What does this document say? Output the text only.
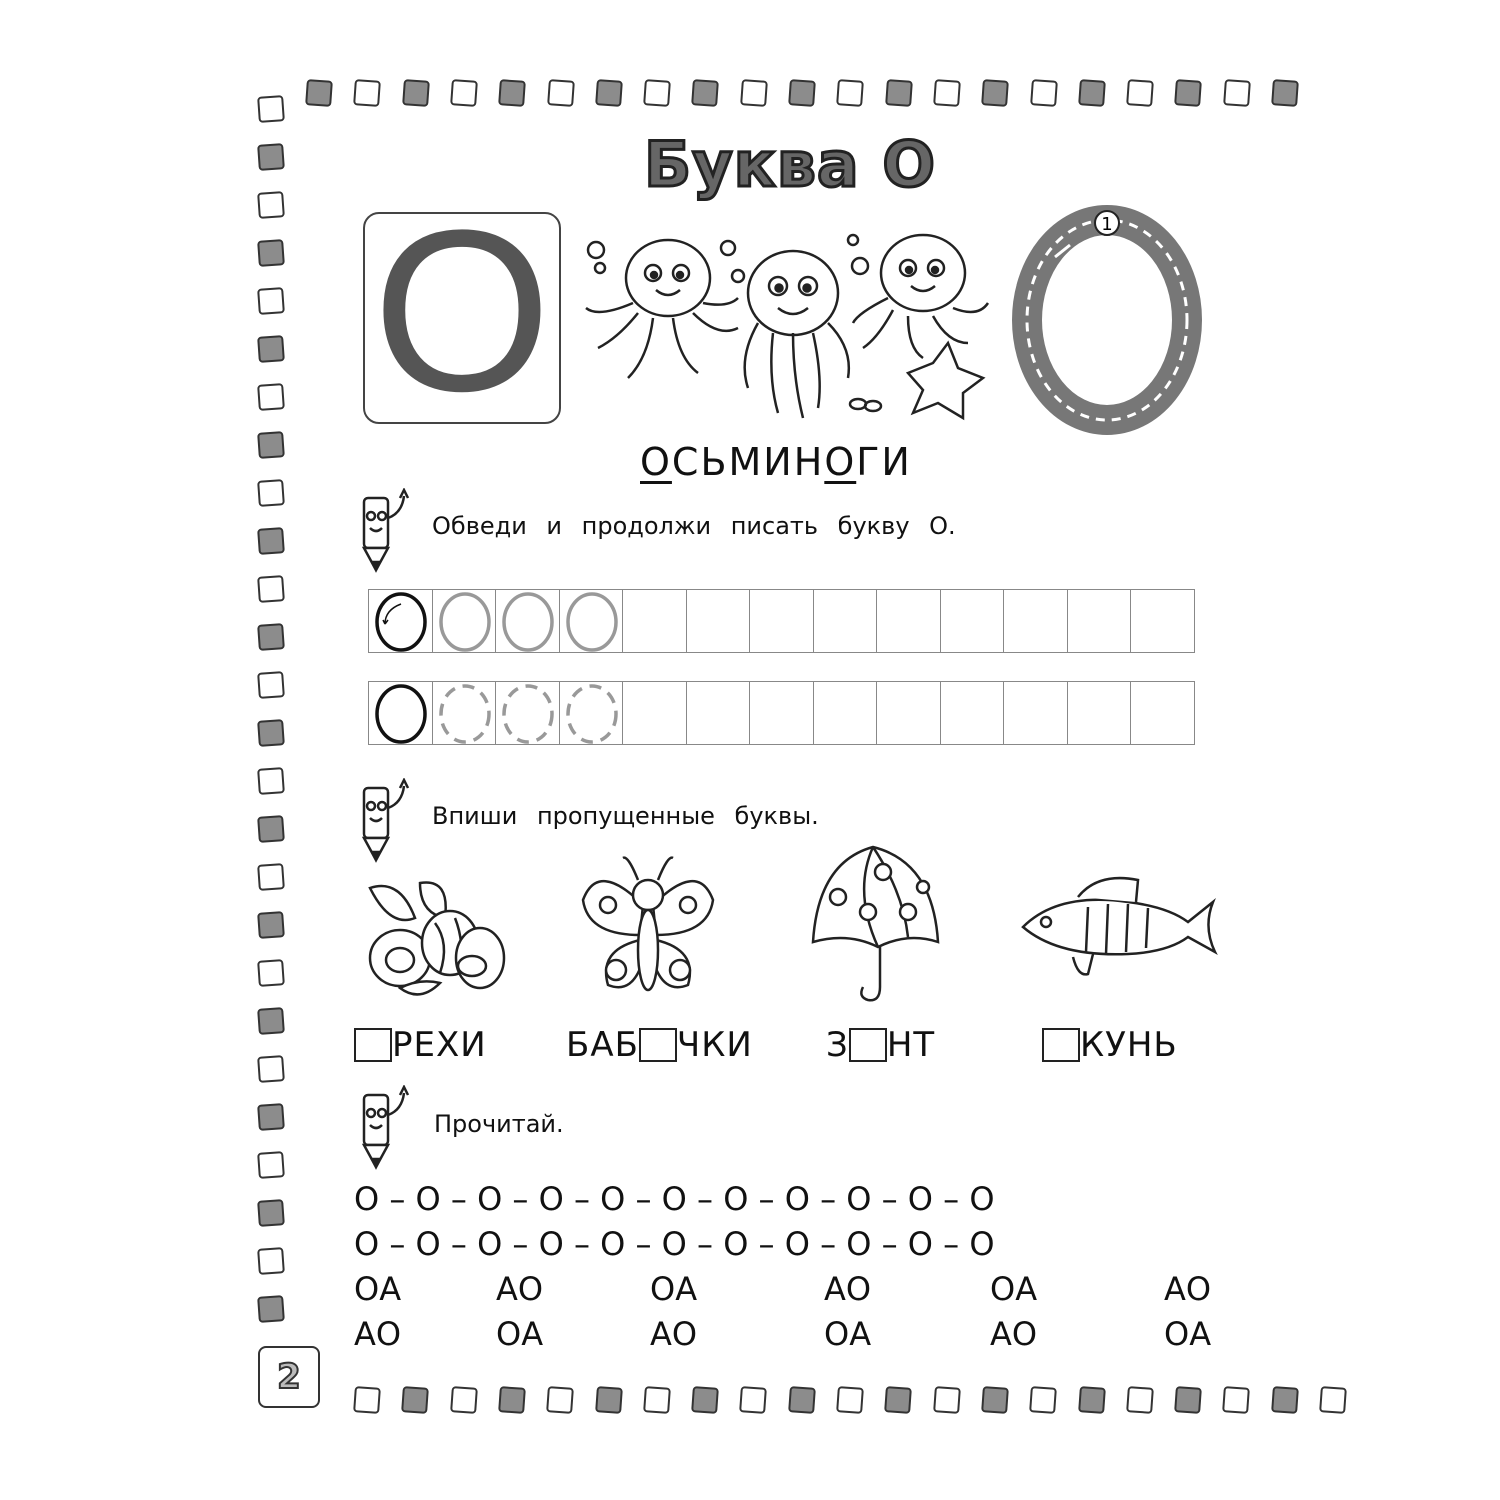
Буква О
О	1
ОСЬМИНОГИ
Обведи и продолжи писать букву О.
Впиши пропущенные буквы.
РЕХИ БАБ ЧКИ З НТ	КУНЬ
Прочитай.
О – О – О – О – О – О – О – О – О – О – О
О – О – О – О – О – О – О – О – О – О – О
ОА
АО
АО
ОА
ОА
АО
АО
ОА
ОА
АО
АО
ОА
2
